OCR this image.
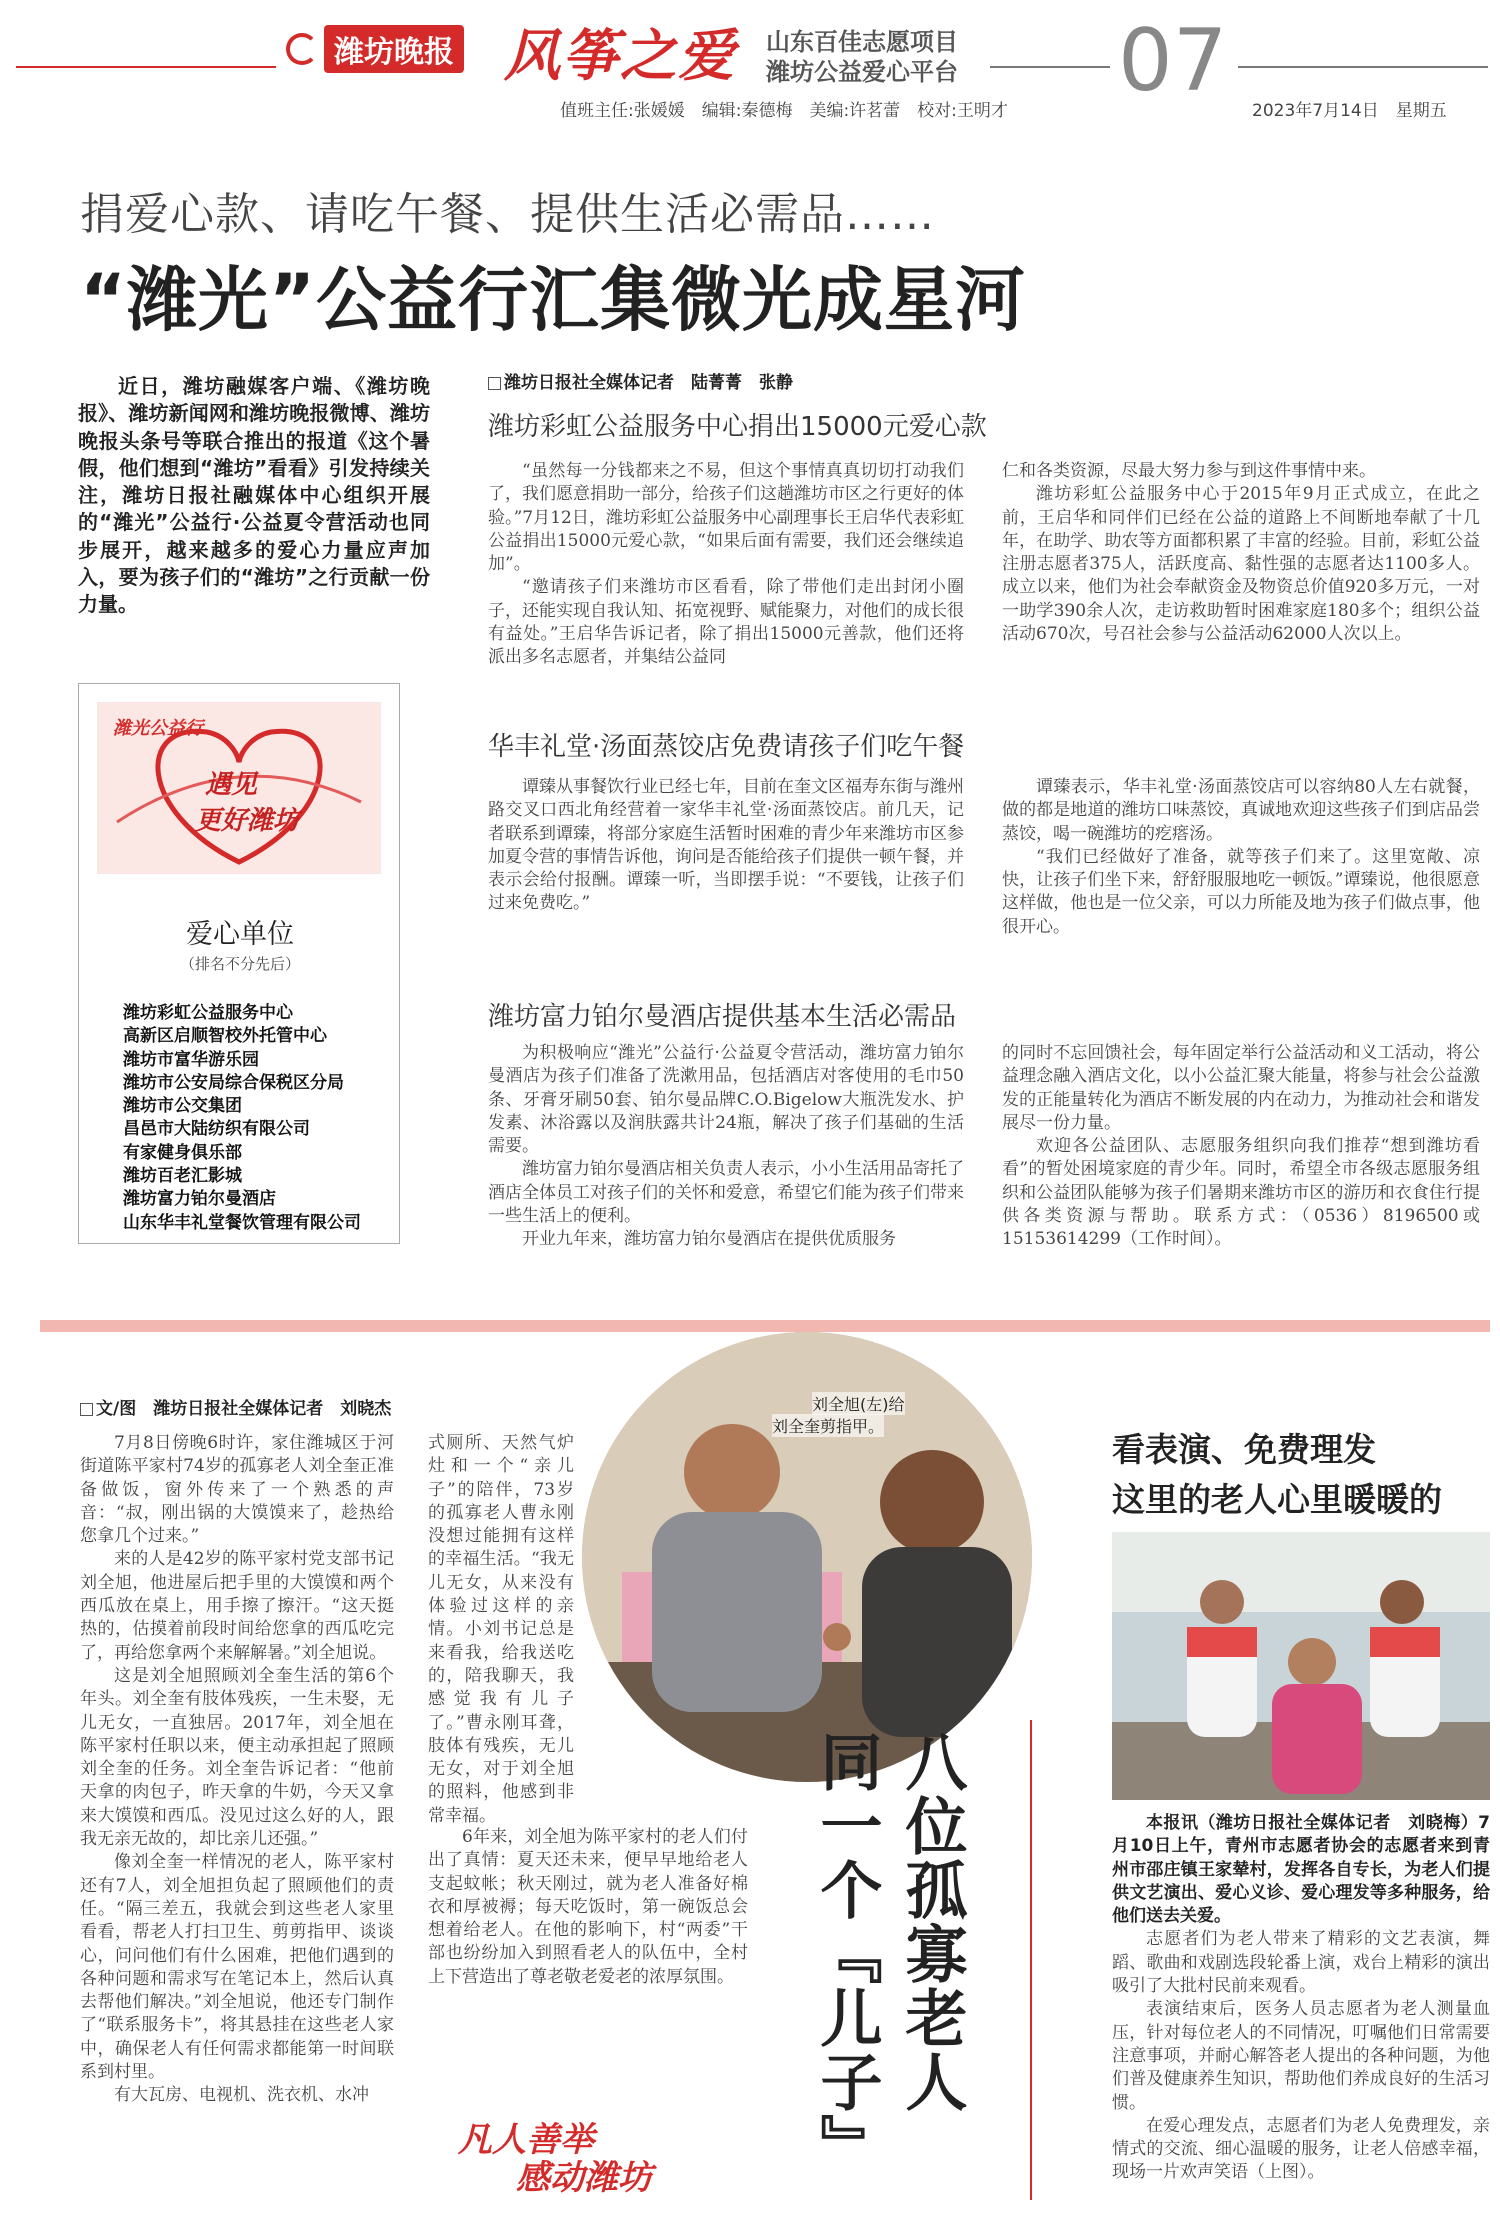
潍坊晚报 风筝之爱 山东百佳志愿项目
潍坊公益爱心平台 07
值班主任:张媛媛　编辑:秦德梅　美编:许茗蕾　校对:王明才	2023年7月14日　星期五
捐爱心款、请吃午餐、提供生活必需品……
“潍光”公益行汇集微光成星河
近日，潍坊融媒客户端、《潍坊晚报》、潍坊新闻网和潍坊晚报微博、潍坊晚报头条号等联合推出的报道《这个暑假，他们想到“潍坊”看看》引发持续关注，潍坊日报社融媒体中心组织开展的“潍光”公益行·公益夏令营活动也同步展开，越来越多的爱心力量应声加入，要为孩子们的“潍坊”之行贡献一份力量。
潍光公益行
遇见
更好潍坊
爱心单位
（排名不分先后）
潍坊彩虹公益服务中心
高新区启顺智校外托管中心
潍坊市富华游乐园
潍坊市公安局综合保税区分局
潍坊市公交集团
昌邑市大陆纺织有限公司
有家健身俱乐部
潍坊百老汇影城
潍坊富力铂尔曼酒店
山东华丰礼堂餐饮管理有限公司
潍坊日报社全媒体记者　陆菁菁　张静
潍坊彩虹公益服务中心捐出15000元爱心款

“虽然每一分钱都来之不易，但这个事情真真切切打动我们了，我们愿意捐助一部分，给孩子们这趟潍坊市区之行更好的体验。”7月12日，潍坊彩虹公益服务中心副理事长王启华代表彩虹公益捐出15000元爱心款，“如果后面有需要，我们还会继续追加”。

“邀请孩子们来潍坊市区看看，除了带他们走出封闭小圈子，还能实现自我认知、拓宽视野、赋能聚力，对他们的成长很有益处。”王启华告诉记者，除了捐出15000元善款，他们还将派出多名志愿者，并集结公益同

仁和各类资源，尽最大努力参与到这件事情中来。

潍坊彩虹公益服务中心于2015年9月正式成立，在此之前，王启华和同伴们已经在公益的道路上不间断地奉献了十几年，在助学、助农等方面都积累了丰富的经验。目前，彩虹公益注册志愿者375人，活跃度高、黏性强的志愿者达1100多人。成立以来，他们为社会奉献资金及物资总价值920多万元，一对一助学390余人次，走访救助暂时困难家庭180多个；组织公益活动670次，号召社会参与公益活动62000人次以上。

华丰礼堂·汤面蒸饺店免费请孩子们吃午餐

谭臻从事餐饮行业已经七年，目前在奎文区福寿东街与潍州路交叉口西北角经营着一家华丰礼堂·汤面蒸饺店。前几天，记者联系到谭臻，将部分家庭生活暂时困难的青少年来潍坊市区参加夏令营的事情告诉他，询问是否能给孩子们提供一顿午餐，并表示会给付报酬。谭臻一听，当即摆手说：“不要钱，让孩子们过来免费吃。”

谭臻表示，华丰礼堂·汤面蒸饺店可以容纳80人左右就餐，做的都是地道的潍坊口味蒸饺，真诚地欢迎这些孩子们到店品尝蒸饺，喝一碗潍坊的疙瘩汤。

“我们已经做好了准备，就等孩子们来了。这里宽敞、凉快，让孩子们坐下来，舒舒服服地吃一顿饭。”谭臻说，他很愿意这样做，他也是一位父亲，可以力所能及地为孩子们做点事，他很开心。

潍坊富力铂尔曼酒店提供基本生活必需品

为积极响应“潍光”公益行·公益夏令营活动，潍坊富力铂尔曼酒店为孩子们准备了洗漱用品，包括酒店对客使用的毛巾50条、牙膏牙刷50套、铂尔曼品牌C.O.Bigelow大瓶洗发水、护发素、沐浴露以及润肤露共计24瓶，解决了孩子们基础的生活需要。

潍坊富力铂尔曼酒店相关负责人表示，小小生活用品寄托了酒店全体员工对孩子们的关怀和爱意，希望它们能为孩子们带来一些生活上的便利。

开业九年来，潍坊富力铂尔曼酒店在提供优质服务

的同时不忘回馈社会，每年固定举行公益活动和义工活动，将公益理念融入酒店文化，以小公益汇聚大能量，将参与社会公益激发的正能量转化为酒店不断发展的内在动力，为推动社会和谐发展尽一份力量。

欢迎各公益团队、志愿服务组织向我们推荐“想到潍坊看看”的暂处困境家庭的青少年。同时，希望全市各级志愿服务组织和公益团队能够为孩子们暑期来潍坊市区的游历和衣食住行提供各类资源与帮助。联系方式：（0536）8196500或15153614299（工作时间）。

文/图　潍坊日报社全媒体记者　刘晓杰

7月8日傍晚6时许，家住潍城区于河街道陈平家村74岁的孤寡老人刘全奎正准备做饭，窗外传来了一个熟悉的声音：“叔，刚出锅的大馍馍来了，趁热给您拿几个过来。”

来的人是42岁的陈平家村党支部书记刘全旭，他进屋后把手里的大馍馍和两个西瓜放在桌上，用手擦了擦汗。“这天挺热的，估摸着前段时间给您拿的西瓜吃完了，再给您拿两个来解解暑。”刘全旭说。

这是刘全旭照顾刘全奎生活的第6个年头。刘全奎有肢体残疾，一生未娶，无儿无女，一直独居。2017年，刘全旭在陈平家村任职以来，便主动承担起了照顾刘全奎的任务。刘全奎告诉记者：“他前天拿的肉包子，昨天拿的牛奶，今天又拿来大馍馍和西瓜。没见过这么好的人，跟我无亲无故的，却比亲儿还强。”

像刘全奎一样情况的老人，陈平家村还有7人，刘全旭担负起了照顾他们的责任。“隔三差五，我就会到这些老人家里看看，帮老人打扫卫生、剪剪指甲、谈谈心，问问他们有什么困难，把他们遇到的各种问题和需求写在笔记本上，然后认真去帮他们解决。”刘全旭说，他还专门制作了“联系服务卡”，将其悬挂在这些老人家中，确保老人有任何需求都能第一时间联系到村里。

有大瓦房、电视机、洗衣机、水冲

式厕所、天然气炉灶和一个“亲儿子”的陪伴，73岁的孤寡老人曹永刚没想过能拥有这样的幸福生活。“我无儿无女，从来没有体验过这样的亲情。小刘书记总是来看我，给我送吃的，陪我聊天，我感觉我有儿子了。”曹永刚耳聋，肢体有残疾，无儿无女，对于刘全旭的照料，他感到非常幸福。

6年来，刘全旭为陈平家村的老人们付出了真情：夏天还未来，便早早地给老人支起蚊帐；秋天刚过，就为老人准备好棉衣和厚被褥；每天吃饭时，第一碗饭总会想着给老人。在他的影响下，村“两委”干部也纷纷加入到照看老人的队伍中，全村上下营造出了尊老敬老爱老的浓厚氛围。

刘全旭(左)给
刘全奎剪指甲。
八位孤寡老人
同一个『儿子』
凡人善举
感动潍坊
看表演、免费理发
这里的老人心里暖暖的

本报讯（潍坊日报社全媒体记者　刘晓梅）7月10日上午，青州市志愿者协会的志愿者来到青州市邵庄镇王家辇村，发挥各自专长，为老人们提供文艺演出、爱心义诊、爱心理发等多种服务，给他们送去关爱。

志愿者们为老人带来了精彩的文艺表演，舞蹈、歌曲和戏剧选段轮番上演，戏台上精彩的演出吸引了大批村民前来观看。

表演结束后，医务人员志愿者为老人测量血压，针对每位老人的不同情况，叮嘱他们日常需要注意事项，并耐心解答老人提出的各种问题，为他们普及健康养生知识，帮助他们养成良好的生活习惯。

在爱心理发点，志愿者们为老人免费理发，亲情式的交流、细心温暖的服务，让老人倍感幸福，现场一片欢声笑语（上图）。
